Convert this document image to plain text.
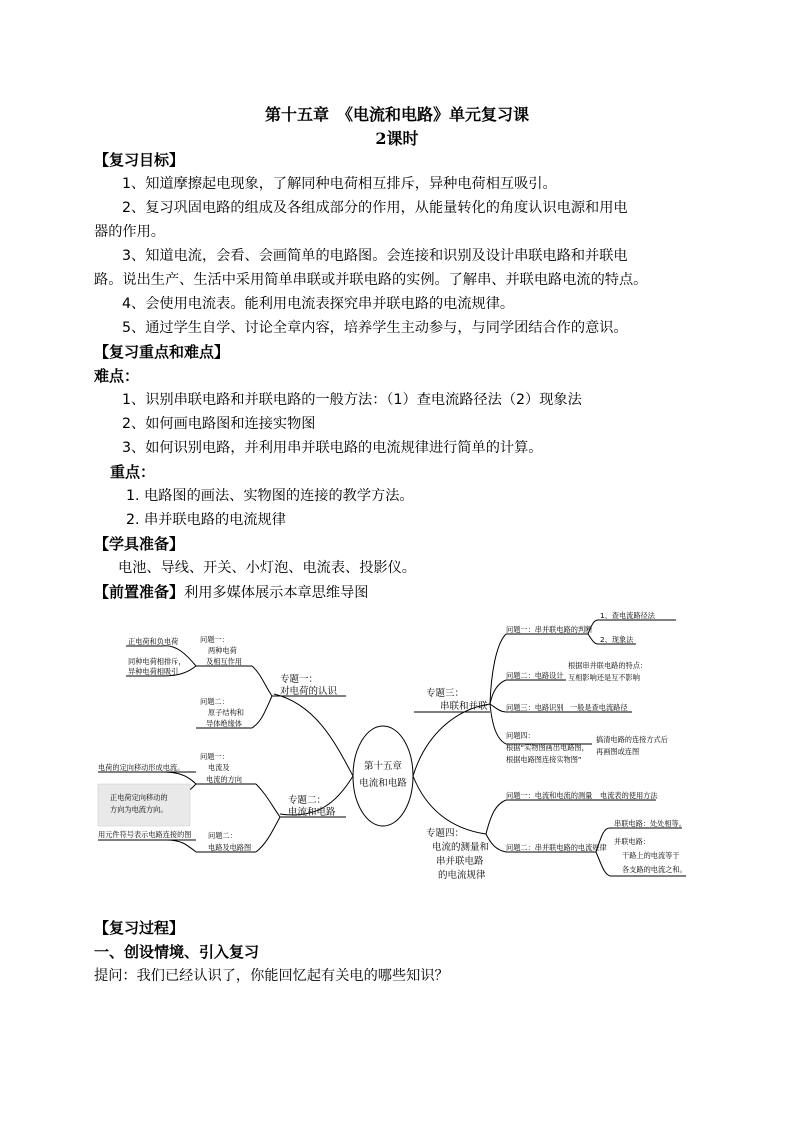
第十五章　《电流和电路》单元复习课
2课时
【复习目标】
1、知道摩擦起电现象，了解同种电荷相互排斥，异种电荷相互吸引。
2、复习巩固电路的组成及各组成部分的作用，从能量转化的角度认识电源和用电
器的作用。
3、知道电流，会看、会画简单的电路图。会连接和识别及设计串联电路和并联电
路。说出生产、生活中采用简单串联或并联电路的实例。了解串、并联电路电流的特点。
4、会使用电流表。能利用电流表探究串并联电路的电流规律。
5、通过学生自学、讨论全章内容，培养学生主动参与，与同学团结合作的意识。
【复习重点和难点】
难点：
1、识别串联电路和并联电路的一般方法：（1）查电流路径法（2）现象法
2、如何画电路图和连接实物图
3、如何识别电路，并利用串并联电路的电流规律进行简单的计算。
重点：
1. 电路图的画法、实物图的连接的教学方法。
2. 串并联电路的电流规律
【学具准备】
电池、导线、开关、小灯泡、电流表、投影仪。
【前置准备】利用多媒体展示本章思维导图
第十五章
电流和电路
专题一：
对电荷的认识
问题一：
两种电荷
及相互作用
正电荷和负电荷
同种电荷相排斥，
异种电荷相吸引
问题二：
原子结构和
导体绝缘体
专题二：
电流和电路
问题一：
电流及
电流的方向
电荷的定向移动形成电流。
正电荷定向移动的
方向为电流方向。
问题二：
电路及电路图
用元件符号表示电路连接的图
专题三：
串联和并联
问题一：串并联电路的判断
1、查电流路径法
2、现象法
问题二：电路设计
根据串并联电路的特点：
互相影响还是互不影响
问题三：电路识别 一般是查电流路径
问题四：
根据“实物图画出电路图，
根据电路图连接实物图”
搞清电路的连接方式后
再画图或连图
专题四：
电流的测量和
串并联电路
的电流规律
问题一：电流和电流的测量 电流表的使用方法
问题二：串并联电路的电流规律
串联电路：处处相等。
并联电路：
干路上的电流等于
各支路的电流之和。
【复习过程】
一、创设情境、引入复习
提问：我们已经认识了，你能回忆起有关电的哪些知识？
